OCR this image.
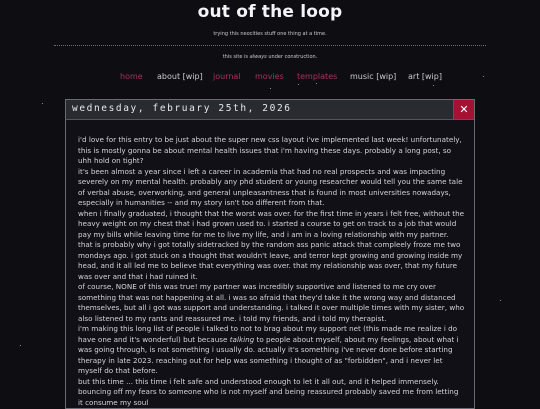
out of the loop
trying this neocities stuff one thing at a time.
this site is always under construction.
home about [wip] journal movies templates music [wip] art [wip]
wednesday, february 25th, 2026	✕

i'd love for this entry to be just about the super new css layout i've implemented last week! unfortunately, this is mostly gonna be about mental health issues that i'm having these days. probably a long post, so uhh hold on tight?

it's been almost a year since i left a career in academia that had no real prospects and was impacting severely on my mental health. probably any phd student or young researcher would tell you the same tale of verbal abuse, overworking, and general unpleasantness that is found in most universities nowadays, especially in humanities -- and my story isn't too different from that.

when i finally graduated, i thought that the worst was over. for the first time in years i felt free, without the heavy weight on my chest that i had grown used to. i started a course to get on track to a job that would pay my bills while leaving time for me to live my life, and i am in a loving relationship with my partner.

that is probably why i got totally sidetracked by the random ass panic attack that compleely froze me two mondays ago. i got stuck on a thought that wouldn't leave, and terror kept growing and growing inside my head, and it all led me to believe that everything was over. that my relationship was over, that my future was over and that i had ruined it.

of course, NONE of this was true! my partner was incredibly supportive and listened to me cry over something that was not happening at all. i was so afraid that they'd take it the wrong way and distanced themselves, but all i got was support and understanding. i talked it over multiple times with my sister, who also listened to my rants and reassured me. i told my friends, and i told my therapist.

i'm making this long list of people i talked to not to brag about my support net (this made me realize i do have one and it's wonderful) but because talking to people about myself, about my feelings, about what i was going through, is not something i usually do. actually it's something i've never done before starting therapy in late 2023. reaching out for help was something i thought of as "forbidden", and i never let myself do that before.

but this time ... this time i felt safe and understood enough to let it all out, and it helped immensely. bouncing off my fears to someone who is not myself and being reassured probably saved me from letting it consume my soul
